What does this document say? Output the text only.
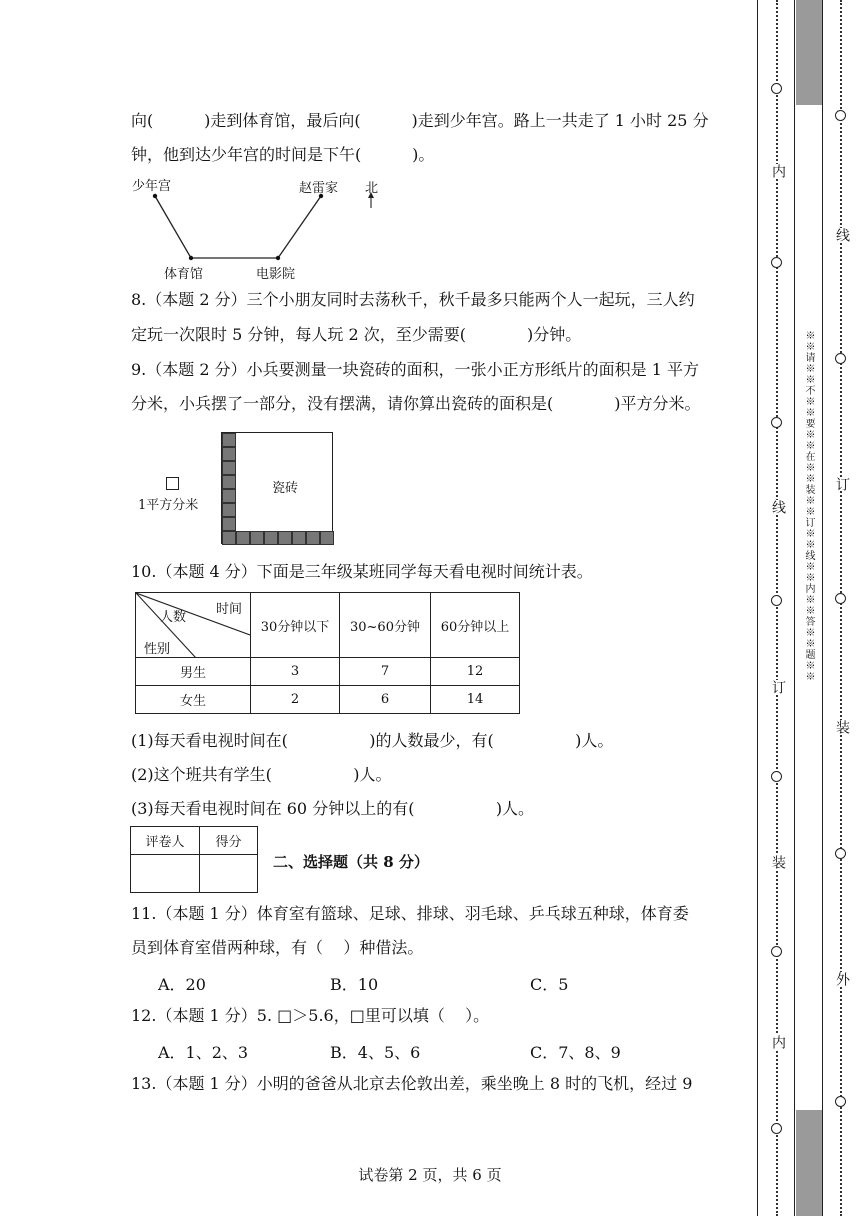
向(          )走到体育馆，最后向(          )走到少年宫。路上一共走了 1 小时 25 分
钟，他到达少年宫的时间是下午(          )。
少年宫	赵雷家 北
体育馆	电影院
8.（本题 2 分）三个小朋友同时去荡秋千，秋千最多只能两个人一起玩，三人约
定玩一次限时 5 分钟，每人玩 2 次，至少需要(            )分钟。
9.（本题 2 分）小兵要测量一块瓷砖的面积，一张小正方形纸片的面积是 1 平方
分米，小兵摆了一部分，没有摆满，请你算出瓷砖的面积是(            )平方分米。
1平方分米
瓷砖
10.（本题 4 分）下面是三年级某班同学每天看电视时间统计表。
时间
人数
性别	30分钟以下	30~60分钟	60分钟以上
男生	3	7	12
女生	2	6	14
(1)每天看电视时间在(                )的人数最少，有(                )人。
(2)这个班共有学生(                )人。
(3)每天看电视时间在 60 分钟以上的有(                )人。
评卷人	得分

二、选择题（共 8 分）
11.（本题 1 分）体育室有篮球、足球、排球、羽毛球、乒乓球五种球，体育委
员到体育室借两种球，有（    ）种借法。
A．20	B．10	C．5
12.（本题 1 分）5. □＞5.6，□里可以填（    ）。
A．1、2、3	B．4、5、6	C．7、8、9
13.（本题 1 分）小明的爸爸从北京去伦敦出差，乘坐晚上 8 时的飞机，经过 9
试卷第 2 页，共 6 页
内
线
订
装
内
※※请※※不※※要※※在※※装※※订※※线※※内※※答※※题※※
线
订
装
外
